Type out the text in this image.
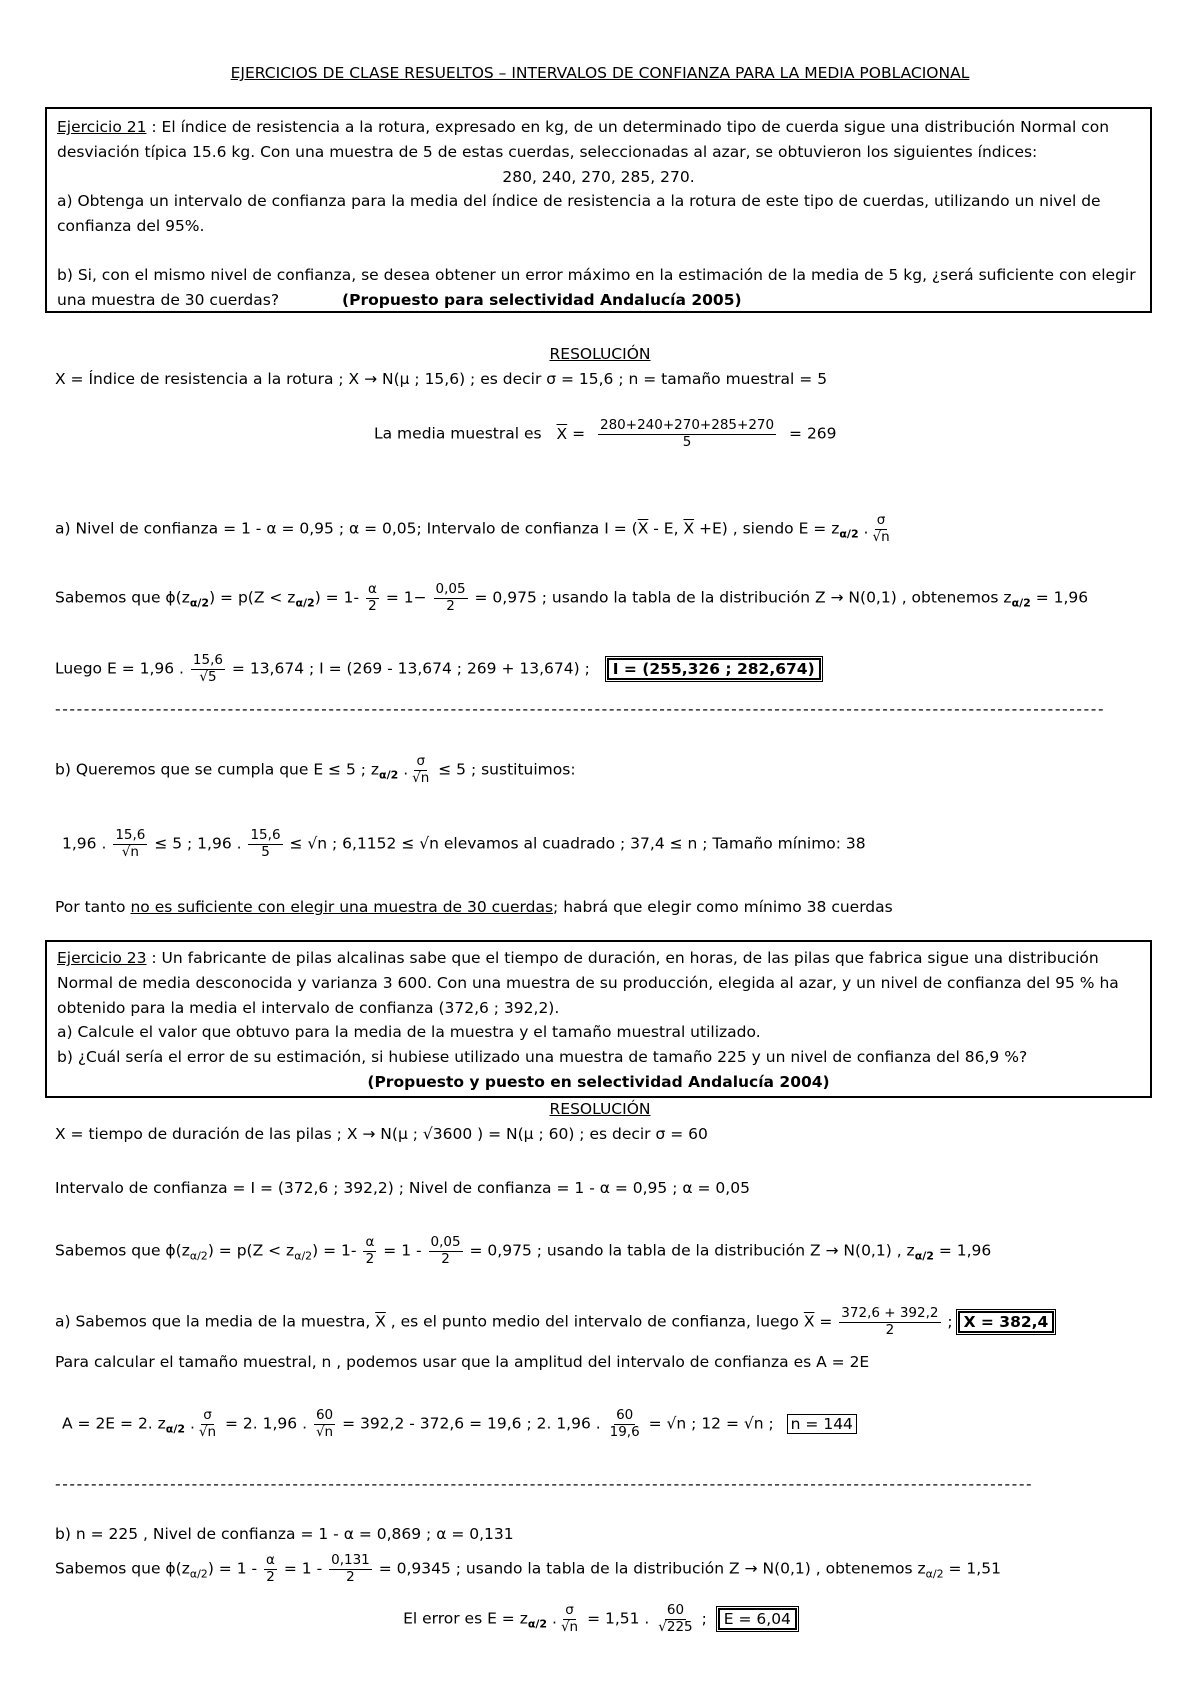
EJERCICIOS DE CLASE RESUELTOS – INTERVALOS DE CONFIANZA PARA LA MEDIA POBLACIONAL

Ejercicio 21 : El índice de resistencia a la rotura, expresado en kg, de un determinado tipo de cuerda sigue una distribución Normal con desviación típica 15.6 kg. Con una muestra de 5 de estas cuerdas, seleccionadas al azar, se obtuvieron los siguientes índices:

280, 240, 270, 285, 270.

a) Obtenga un intervalo de confianza para la media del índice de resistencia a la rotura de este tipo de cuerdas, utilizando un nivel de confianza del 95%.

b) Si, con el mismo nivel de confianza, se desea obtener un error máximo en la estimación de la media de 5 kg, ¿será suficiente con elegir una muestra de 30 cuerdas?	(Propuesto para selectividad Andalucía 2005)

RESOLUCIÓN
X = Índice de resistencia a la rotura ; X → N(μ ; 15,6) ; es decir σ = 15,6 ; n = tamaño muestral = 5
La media muestral es $\overline{X} = \frac{280+240+270+285+270}{5} = 269$
a) Nivel de confianza = 1 - α = 0,95 ; α = 0,05; Intervalo de confianza $I = (\overline{X} - E$, $\overline{X} +E$) , siendo $E = z_{\alpha/2}$ . $\frac{\sigma}{√n}$
Sabemos que $\phi(z_{\alpha/2}) = p(Z < z_{\alpha/2}) = 1- \frac{\alpha}{2} = 1- \frac{0,05}{2} = 0,975$ ; usando la tabla de la distribución Z → N(0,1) , obtenemos $z_{\alpha/2} = 1,96$
Luego E = 1,96 . $\frac{15,6}{√5} = 13,674$ ; I = (269 - 13,674 ; 269 + 13,674) ; I = (255,326 ; 282,674)
--------------------------------------------------------------------------------------------------------------------------------------------------
b) Queremos que se cumpla que E ≤ 5 ; $z_{\alpha/2}$ . $\frac{\sigma}{√n} \le 5$ ; sustituimos:
1,96 . $\frac{15,6}{√n} \le 5$ ; 1,96 . $\frac{15,6}{5} \le √n$ ; 6,1152 ≤ √n elevamos al cuadrado ; 37,4 ≤ n ; Tamaño mínimo: 38
Por tanto no es suficiente con elegir una muestra de 30 cuerdas; habrá que elegir como mínimo 38 cuerdas

Ejercicio 23 : Un fabricante de pilas alcalinas sabe que el tiempo de duración, en horas, de las pilas que fabrica sigue una distribución Normal de media desconocida y varianza 3 600. Con una muestra de su producción, elegida al azar, y un nivel de confianza del 95 % ha obtenido para la media el intervalo de confianza (372,6 ; 392,2).

a) Calcule el valor que obtuvo para la media de la muestra y el tamaño muestral utilizado.

b) ¿Cuál sería el error de su estimación, si hubiese utilizado una muestra de tamaño 225 y un nivel de confianza del 86,9 %?

(Propuesto y puesto en selectividad Andalucía 2004)

RESOLUCIÓN
X = tiempo de duración de las pilas ; X → N(μ ; √3600 ) = N(μ ; 60) ; es decir σ = 60
Intervalo de confianza = I = (372,6 ; 392,2) ; Nivel de confianza = 1 - α = 0,95 ; α = 0,05
Sabemos que $\phi(z_{\alpha/2}) = p(Z < z_{\alpha/2}) = 1- \frac{\alpha}{2} = 1 - \frac{0,05}{2} = 0,975$ ; usando la tabla de la distribución Z → N(0,1) , $z_{\alpha/2} = 1,96$
a) Sabemos que la media de la muestra, $\overline{X}$ , es el punto medio del intervalo de confianza, luego $\overline{X} = \frac{372,6 + 392,2}{2}$ ; X = 382,4
Para calcular el tamaño muestral, n , podemos usar que la amplitud del intervalo de confianza es A = 2E
A = 2E = 2. $z_{\alpha/2}$ . $\frac{\sigma}{√n} = 2$. 1,96 . $\frac{60}{√n} = 392,2 - 372,6 = 19,6$ ; 2. 1,96 . $\frac{60}{19,6} = √n$ ; 12 = √n ; n = 144
----------------------------------------------------------------------------------------------------------------------------------------
b) n = 225 , Nivel de confianza = 1 - α = 0,869 ; α = 0,131
Sabemos que $\phi(z_{\alpha/2}) = 1 - \frac{\alpha}{2} = 1 - \frac{0,131}{2} = 0,9345$ ; usando la tabla de la distribución Z → N(0,1) , obtenemos $z_{\alpha/2} = 1,51$
El error es $E = z_{\alpha/2}$ . $\frac{\sigma}{√n} = 1,51$ . $\frac{60}{√225}$ ; E = 6,04
